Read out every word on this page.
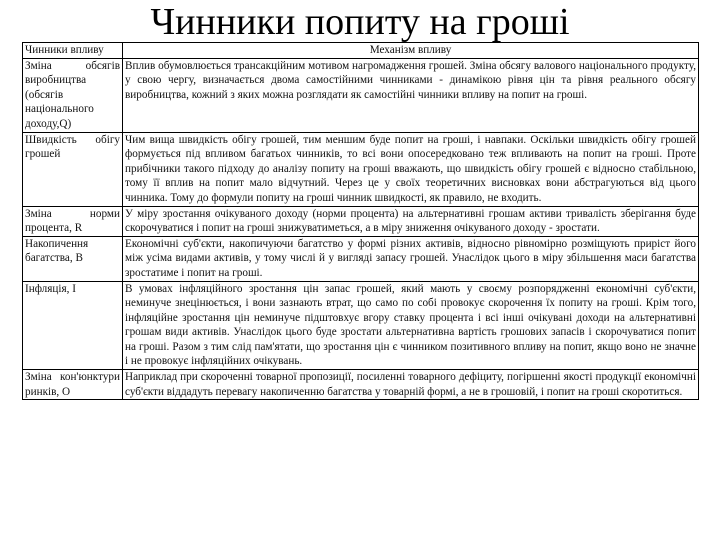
Чинники попиту на гроші
Чинники впливу	Механізм впливу
Зміна обсягів виробництва (обсягів національного доходу,Q)	Вплив обумовлюється трансакційним мотивом нагромадження грошей. Зміна обсягу валового національного продукту, у свою чергу, визначається двома самостійними чинниками - динамікою рівня цін та рівня реального обсягу виробництва, кожний з яких можна розглядати як самостійні чинники впливу на попит на гроші.
Швидкість обігу грошей	Чим вища швидкість обігу грошей, тим меншим буде попит на гроші, і навпаки. Оскільки швидкість обігу грошей формується під впливом багатьох чинників, то всі вони опосередковано теж впливають на попит на гроші. Проте прибічники такого підходу до аналізу попиту на гроші вважають, що швидкість обігу грошей є відносно стабільною, тому її вплив на попит мало відчутний. Через це у своїх теоретичних висновках вони абстрагуються від цього чинника. Тому до формули попиту на гроші чинник швидкості, як правило, не входить.
Зміна норми процента, R	У міру зростання очікуваного доходу (норми процента) на альтернативні грошам активи тривалість зберігання буде скорочуватися і попит на гроші знижуватиметься, а в міру зниження очікуваного доходу - зростати.
Накопичення багатства, B	Економічні суб'єкти, накопичуючи багатство у формі різних активів, відносно рівномірно розміщують приріст його між усіма видами активів, у тому числі й у вигляді запасу грошей. Унаслідок цього в міру збільшення маси багатства зростатиме і попит на гроші.
Інфляція, I	В умовах інфляційного зростання цін запас грошей, який мають у своєму розпорядженні економічні суб'єкти, неминуче знецінюється, і вони зазнають втрат, що само по собі провокує скорочення їх попиту на гроші. Крім того, інфляційне зростання цін неминуче підштовхує вгору ставку процента і всі інші очікувані доходи на альтернативні грошам види активів. Унаслідок цього буде зростати альтернативна вартість грошових запасів і скорочуватися попит на гроші. Разом з тим слід пам'ятати, що зростання цін є чинником позитивного впливу на попит, якщо воно не значне і не провокує інфляційних очікувань.
Зміна кон'юнктури ринків, O	Наприклад при скороченні товарної пропозиції, посиленні товарного дефіциту, погіршенні якості продукції економічні суб'єкти віддадуть перевагу накопиченню багатства у товарній формі, а не в грошовій, і попит на гроші скоротиться.
